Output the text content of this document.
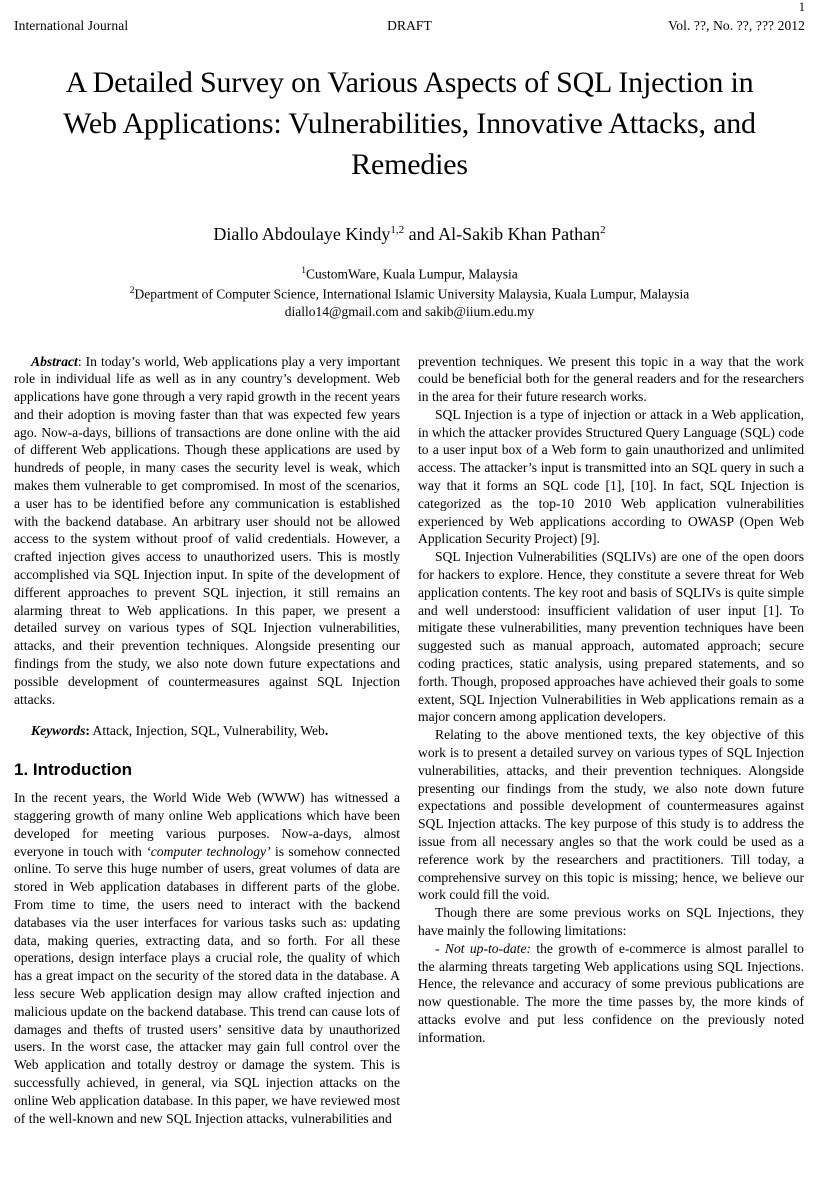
1
International Journal	DRAFT	Vol. ??, No. ??, ??? 2012
A Detailed Survey on Various Aspects of SQL Injection in Web Applications: Vulnerabilities, Innovative Attacks, and Remedies
Diallo Abdoulaye Kindy$^{1,2}$ and Al-Sakib Khan Pathan$^2$
$^1$CustomWare, Kuala Lumpur, Malaysia
$^2$Department of Computer Science, International Islamic University Malaysia, Kuala Lumpur, Malaysia
diallo14@gmail.com and sakib@iium.edu.my

Abstract: In today’s world, Web applications play a very important role in individual life as well as in any country’s development. Web applications have gone through a very rapid growth in the recent years and their adoption is moving faster than that was expected few years ago. Now-a-days, billions of transactions are done online with the aid of different Web applications. Though these applications are used by hundreds of people, in many cases the security level is weak, which makes them vulnerable to get compromised. In most of the scenarios, a user has to be identified before any communication is established with the backend database. An arbitrary user should not be allowed access to the system without proof of valid credentials. However, a crafted injection gives access to unauthorized users. This is mostly accomplished via SQL Injection input. In spite of the development of different approaches to prevent SQL injection, it still remains an alarming threat to Web applications. In this paper, we present a detailed survey on various types of SQL Injection vulnerabilities, attacks, and their prevention techniques. Alongside presenting our findings from the study, we also note down future expectations and possible development of countermeasures against SQL Injection attacks.

Keywords: Attack, Injection, SQL, Vulnerability, Web.

1. Introduction

In the recent years, the World Wide Web (WWW) has witnessed a staggering growth of many online Web applications which have been developed for meeting various purposes. Now-a-days, almost everyone in touch with ‘computer technology’ is somehow connected online. To serve this huge number of users, great volumes of data are stored in Web application databases in different parts of the globe. From time to time, the users need to interact with the backend databases via the user interfaces for various tasks such as: updating data, making queries, extracting data, and so forth. For all these operations, design interface plays a crucial role, the quality of which has a great impact on the security of the stored data in the database. A less secure Web application design may allow crafted injection and malicious update on the backend database. This trend can cause lots of damages and thefts of trusted users’ sensitive data by unauthorized users. In the worst case, the attacker may gain full control over the Web application and totally destroy or damage the system. This is successfully achieved, in general, via SQL injection attacks on the online Web application database. In this paper, we have reviewed most of the well-known and new SQL Injection attacks, vulnerabilities and

prevention techniques. We present this topic in a way that the work could be beneficial both for the general readers and for the researchers in the area for their future research works.

SQL Injection is a type of injection or attack in a Web application, in which the attacker provides Structured Query Language (SQL) code to a user input box of a Web form to gain unauthorized and unlimited access. The attacker’s input is transmitted into an SQL query in such a way that it forms an SQL code [1], [10]. In fact, SQL Injection is categorized as the top-10 2010 Web application vulnerabilities experienced by Web applications according to OWASP (Open Web Application Security Project) [9].

SQL Injection Vulnerabilities (SQLIVs) are one of the open doors for hackers to explore. Hence, they constitute a severe threat for Web application contents. The key root and basis of SQLIVs is quite simple and well understood: insufficient validation of user input [1]. To mitigate these vulnerabilities, many prevention techniques have been suggested such as manual approach, automated approach; secure coding practices, static analysis, using prepared statements, and so forth. Though, proposed approaches have achieved their goals to some extent, SQL Injection Vulnerabilities in Web applications remain as a major concern among application developers.

Relating to the above mentioned texts, the key objective of this work is to present a detailed survey on various types of SQL Injection vulnerabilities, attacks, and their prevention techniques. Alongside presenting our findings from the study, we also note down future expectations and possible development of countermeasures against SQL Injection attacks. The key purpose of this study is to address the issue from all necessary angles so that the work could be used as a reference work by the researchers and practitioners. Till today, a comprehensive survey on this topic is missing; hence, we believe our work could fill the void.

Though there are some previous works on SQL Injections, they have mainly the following limitations:

- Not up-to-date: the growth of e-commerce is almost parallel to the alarming threats targeting Web applications using SQL Injections. Hence, the relevance and accuracy of some previous publications are now questionable. The more the time passes by, the more kinds of attacks evolve and put less confidence on the previously noted information.
